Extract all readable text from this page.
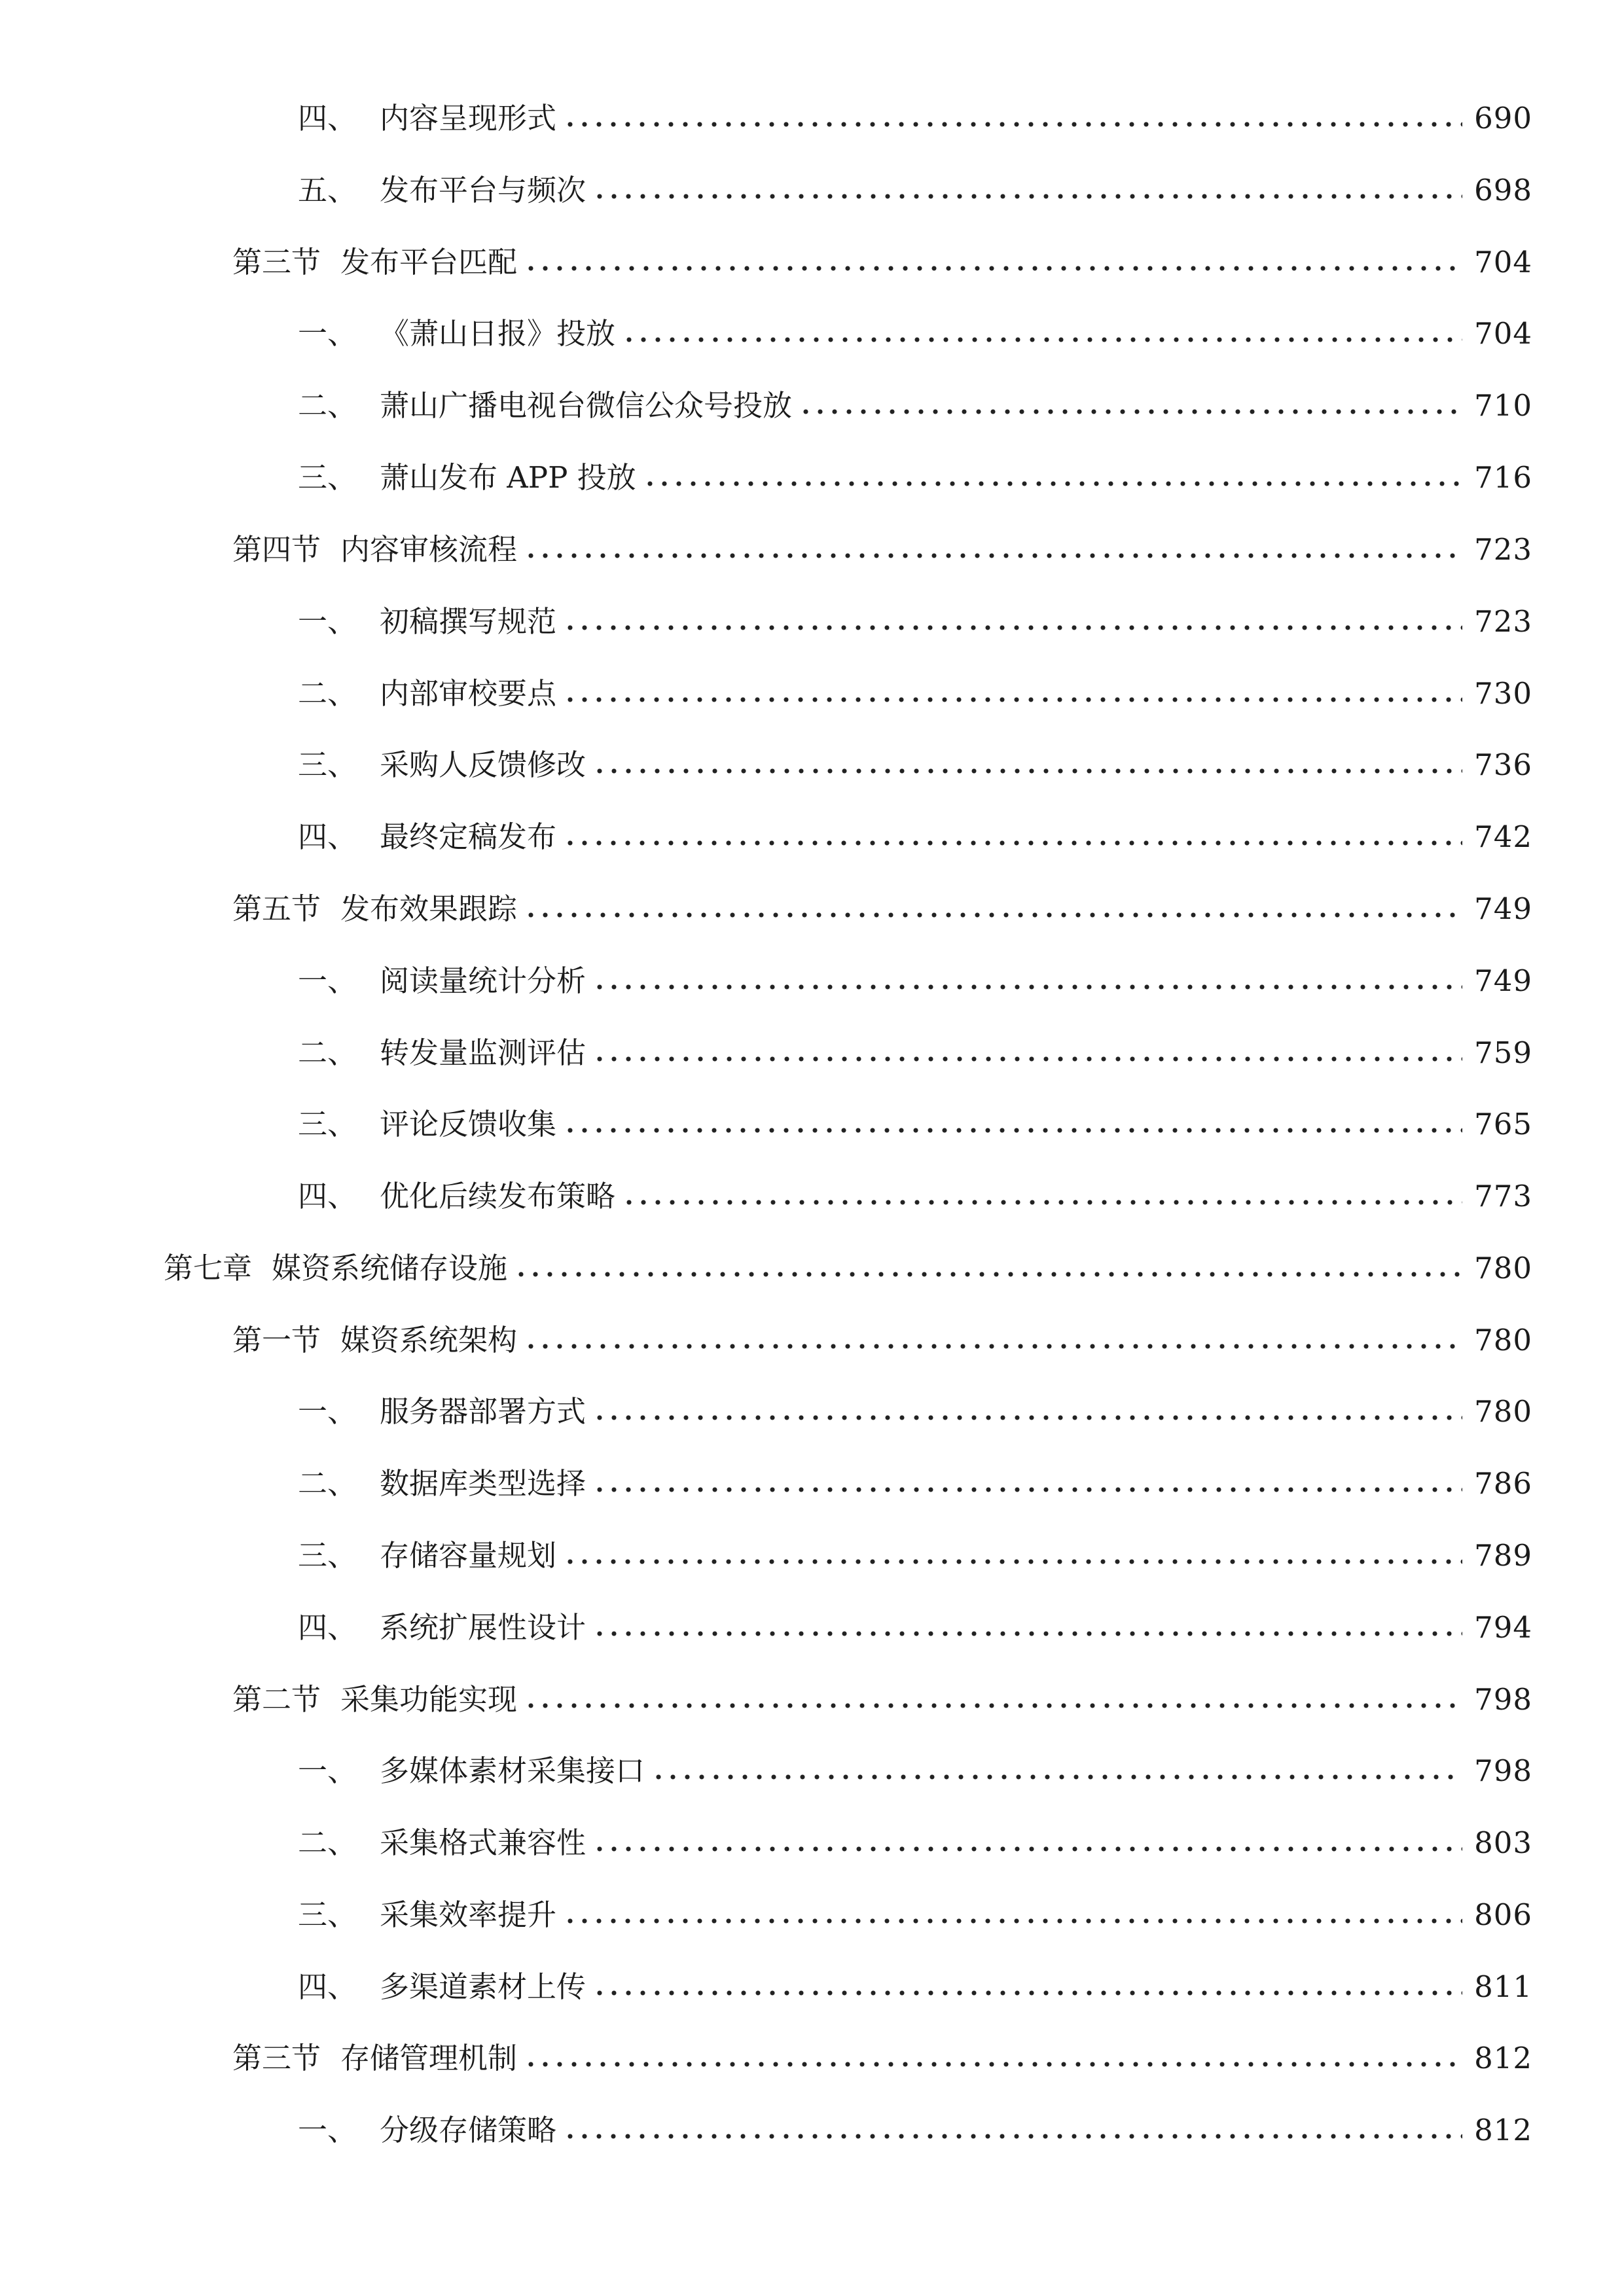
四、 内容呈现形式	690
五、 发布平台与频次	698
第三节 发布平台匹配	704
一、 《萧山日报》投放	704
二、 萧山广播电视台微信公众号投放	710
三、 萧山发布 APP 投放	716
第四节 内容审核流程	723
一、 初稿撰写规范	723
二、 内部审校要点	730
三、 采购人反馈修改	736
四、 最终定稿发布	742
第五节 发布效果跟踪	749
一、 阅读量统计分析	749
二、 转发量监测评估	759
三、 评论反馈收集	765
四、 优化后续发布策略	773
第七章 媒资系统储存设施	780
第一节 媒资系统架构	780
一、 服务器部署方式	780
二、 数据库类型选择	786
三、 存储容量规划	789
四、 系统扩展性设计	794
第二节 采集功能实现	798
一、 多媒体素材采集接口	798
二、 采集格式兼容性	803
三、 采集效率提升	806
四、 多渠道素材上传	811
第三节 存储管理机制	812
一、 分级存储策略	812
